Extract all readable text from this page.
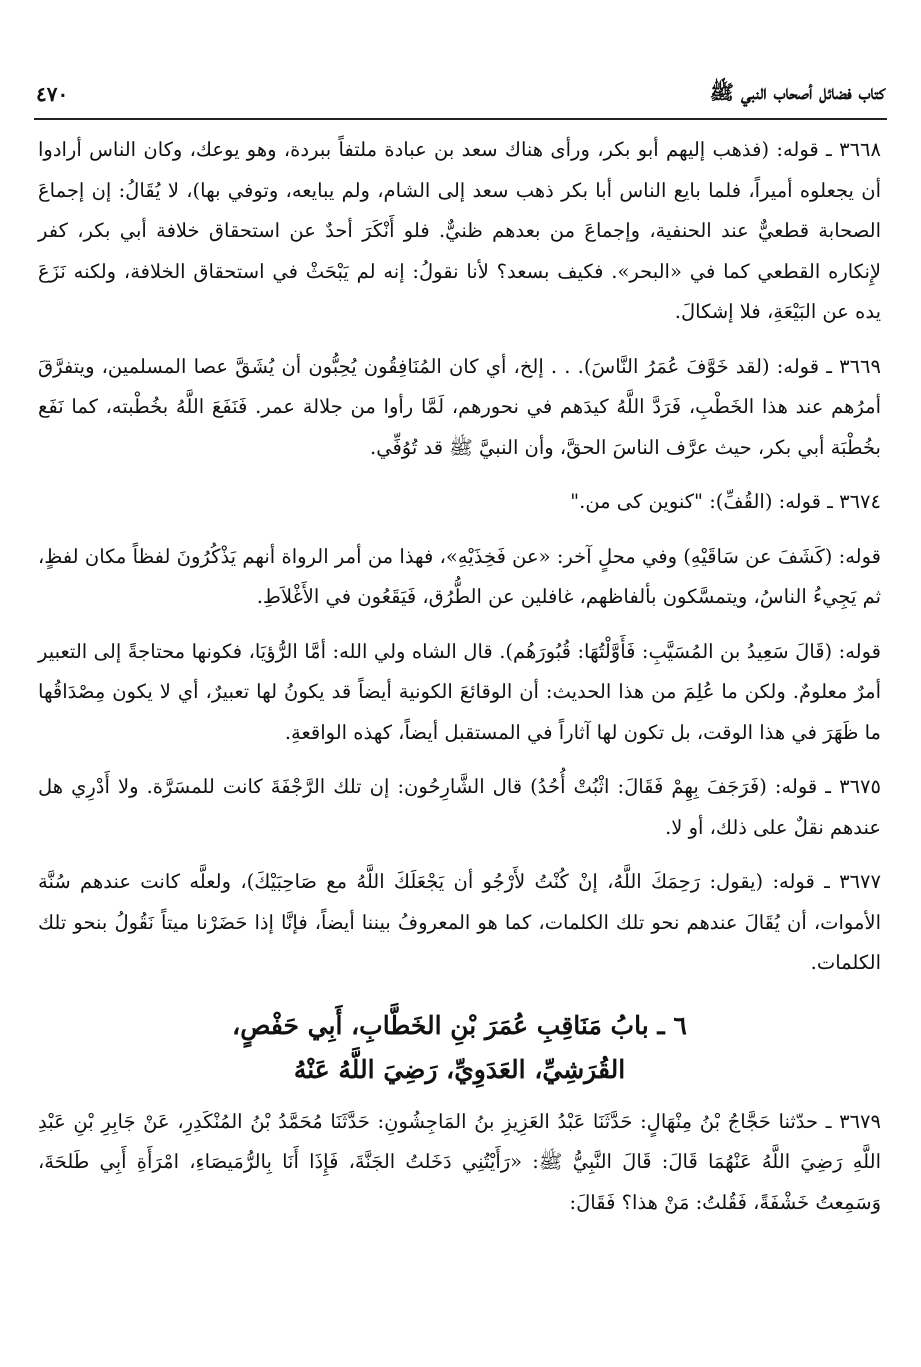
كتاب فضائل أصحاب النبي ﷺ
٤٧٠

٣٦٦٨ ـ قوله: (فذهب إليهم أبو بكر، ورأى هناك سعد بن عبادة ملتفاً ببردة، وهو يوعك، وكان الناس أرادوا أن يجعلوه أميراً، فلما بايع الناس أبا بكر ذهب سعد إلى الشام، ولم يبايعه، وتوفي بها)، لا يُقَالُ: إن إجماعَ الصحابة قطعيٌّ عند الحنفية، وإجماعَ من بعدهم ظنيٌّ. فلو أَنْكَرَ أحدٌ عن استحقاق خلافة أبي بكر، كفر لإِنكاره القطعي كما في «البحر». فكيف بسعد؟ لأنا نقولُ: إنه لم يَبْحَثْ في استحقاق الخلافة، ولكنه نَزَعَ يده عن البَيْعَةِ، فلا إشكالَ.

٣٦٦٩ ـ قوله: (لقد خَوَّفَ عُمَرُ النَّاسَ). . . إلخ، أي كان المُنَافِقُون يُحِبُّون أن يُشَقَّ عصا المسلمين، ويتفرَّقَ أمرُهم عند هذا الخَطْبِ، فَرَدَّ اللَّهُ كيدَهم في نحورهم، لَمَّا رأوا من جلالة عمر. فَنَفَعَ اللَّهُ بخُطْبته، كما نَفَع بخُطْبَة أبي بكر، حيث عرَّف الناسَ الحقَّ، وأن النبيَّ ﷺ قد تُوُفِّي.

٣٦٧٤ ـ قوله: (القُفِّ): "كنوين كى من."

قوله: (كَشَفَ عن سَاقَيْهِ) وفي محلٍ آخر: «عن فَخِذَيْهِ»، فهذا من أمر الرواة أنهم يَذْكُرُونَ لفظاً مكان لفظٍ، ثم يَجِيءُ الناسُ، ويتمسَّكون بألفاظهم، غافلين عن الطُّرُق، فَيَقَعُون في الأَغْلاَطِ.

قوله: (قَالَ سَعِيدُ بن المُسَيَّبِ: فَأَوَّلْتُهَا: قُبُورَهُم). قال الشاه ولي الله: أمَّا الرُّؤيَا، فكونها محتاجةً إلى التعبير أمرٌ معلومٌ. ولكن ما عُلِمَ من هذا الحديث: أن الوقائعَ الكونية أيضاً قد يكونُ لها تعبيرٌ، أي لا يكون مِصْدَاقُها ما ظَهَرَ في هذا الوقت، بل تكون لها آثاراً في المستقبل أيضاً، كهذه الواقعةِ.

٣٦٧٥ ـ قوله: (فَرَجَفَ بِهِمْ فَقَالَ: اثْبُتْ أُحُدُ) قال الشَّارِحُون: إن تلك الرَّجْفَةَ كانت للمسَرَّة. ولا أَدْرِي هل عندهم نقلٌ على ذلك، أو لا.

٣٦٧٧ ـ قوله: (يقول: رَحِمَكَ اللَّهُ، إنْ كُنْتُ لأَرْجُو أن يَجْعَلَكَ اللَّهُ مع صَاحِبَيْكَ)، ولعلَّه كانت عندهم سُنَّة الأموات، أن يُقَالَ عندهم نحو تلك الكلمات، كما هو المعروفُ بيننا أيضاً، فإنَّا إذا حَضَرْنا ميتاً نَقُولُ بنحو تلك الكلمات.

٦ ـ بابُ مَنَاقِبِ عُمَرَ بْنِ الخَطَّابِ، أَبِي حَفْصٍ،
القُرَشِيِّ، العَدَوِيِّ، رَضِيَ اللَّهُ عَنْهُ

٣٦٧٩ ـ حدّثنا حَجَّاجُ بْنُ مِنْهَالٍ: حَدَّثَنَا عَبْدُ العَزِيزِ بنُ المَاجِشُونِ: حَدَّثَنَا مُحَمَّدُ بْنُ المُنْكَدِرِ، عَنْ جَابِرِ بْنِ عَبْدِ اللَّهِ رَضِيَ اللَّهُ عَنْهُمَا قَالَ: قَالَ النَّبِيُّ ﷺ: «رَأَيْتُنِي دَخَلتُ الجَنَّةَ، فَإِذَا أَنَا بِالرُّمَيصَاءِ، امْرَأَةِ أَبِي طَلحَةَ، وَسَمِعتُ خَشْفَةً، فَقُلتُ: مَنْ هذا؟ فَقَالَ:
